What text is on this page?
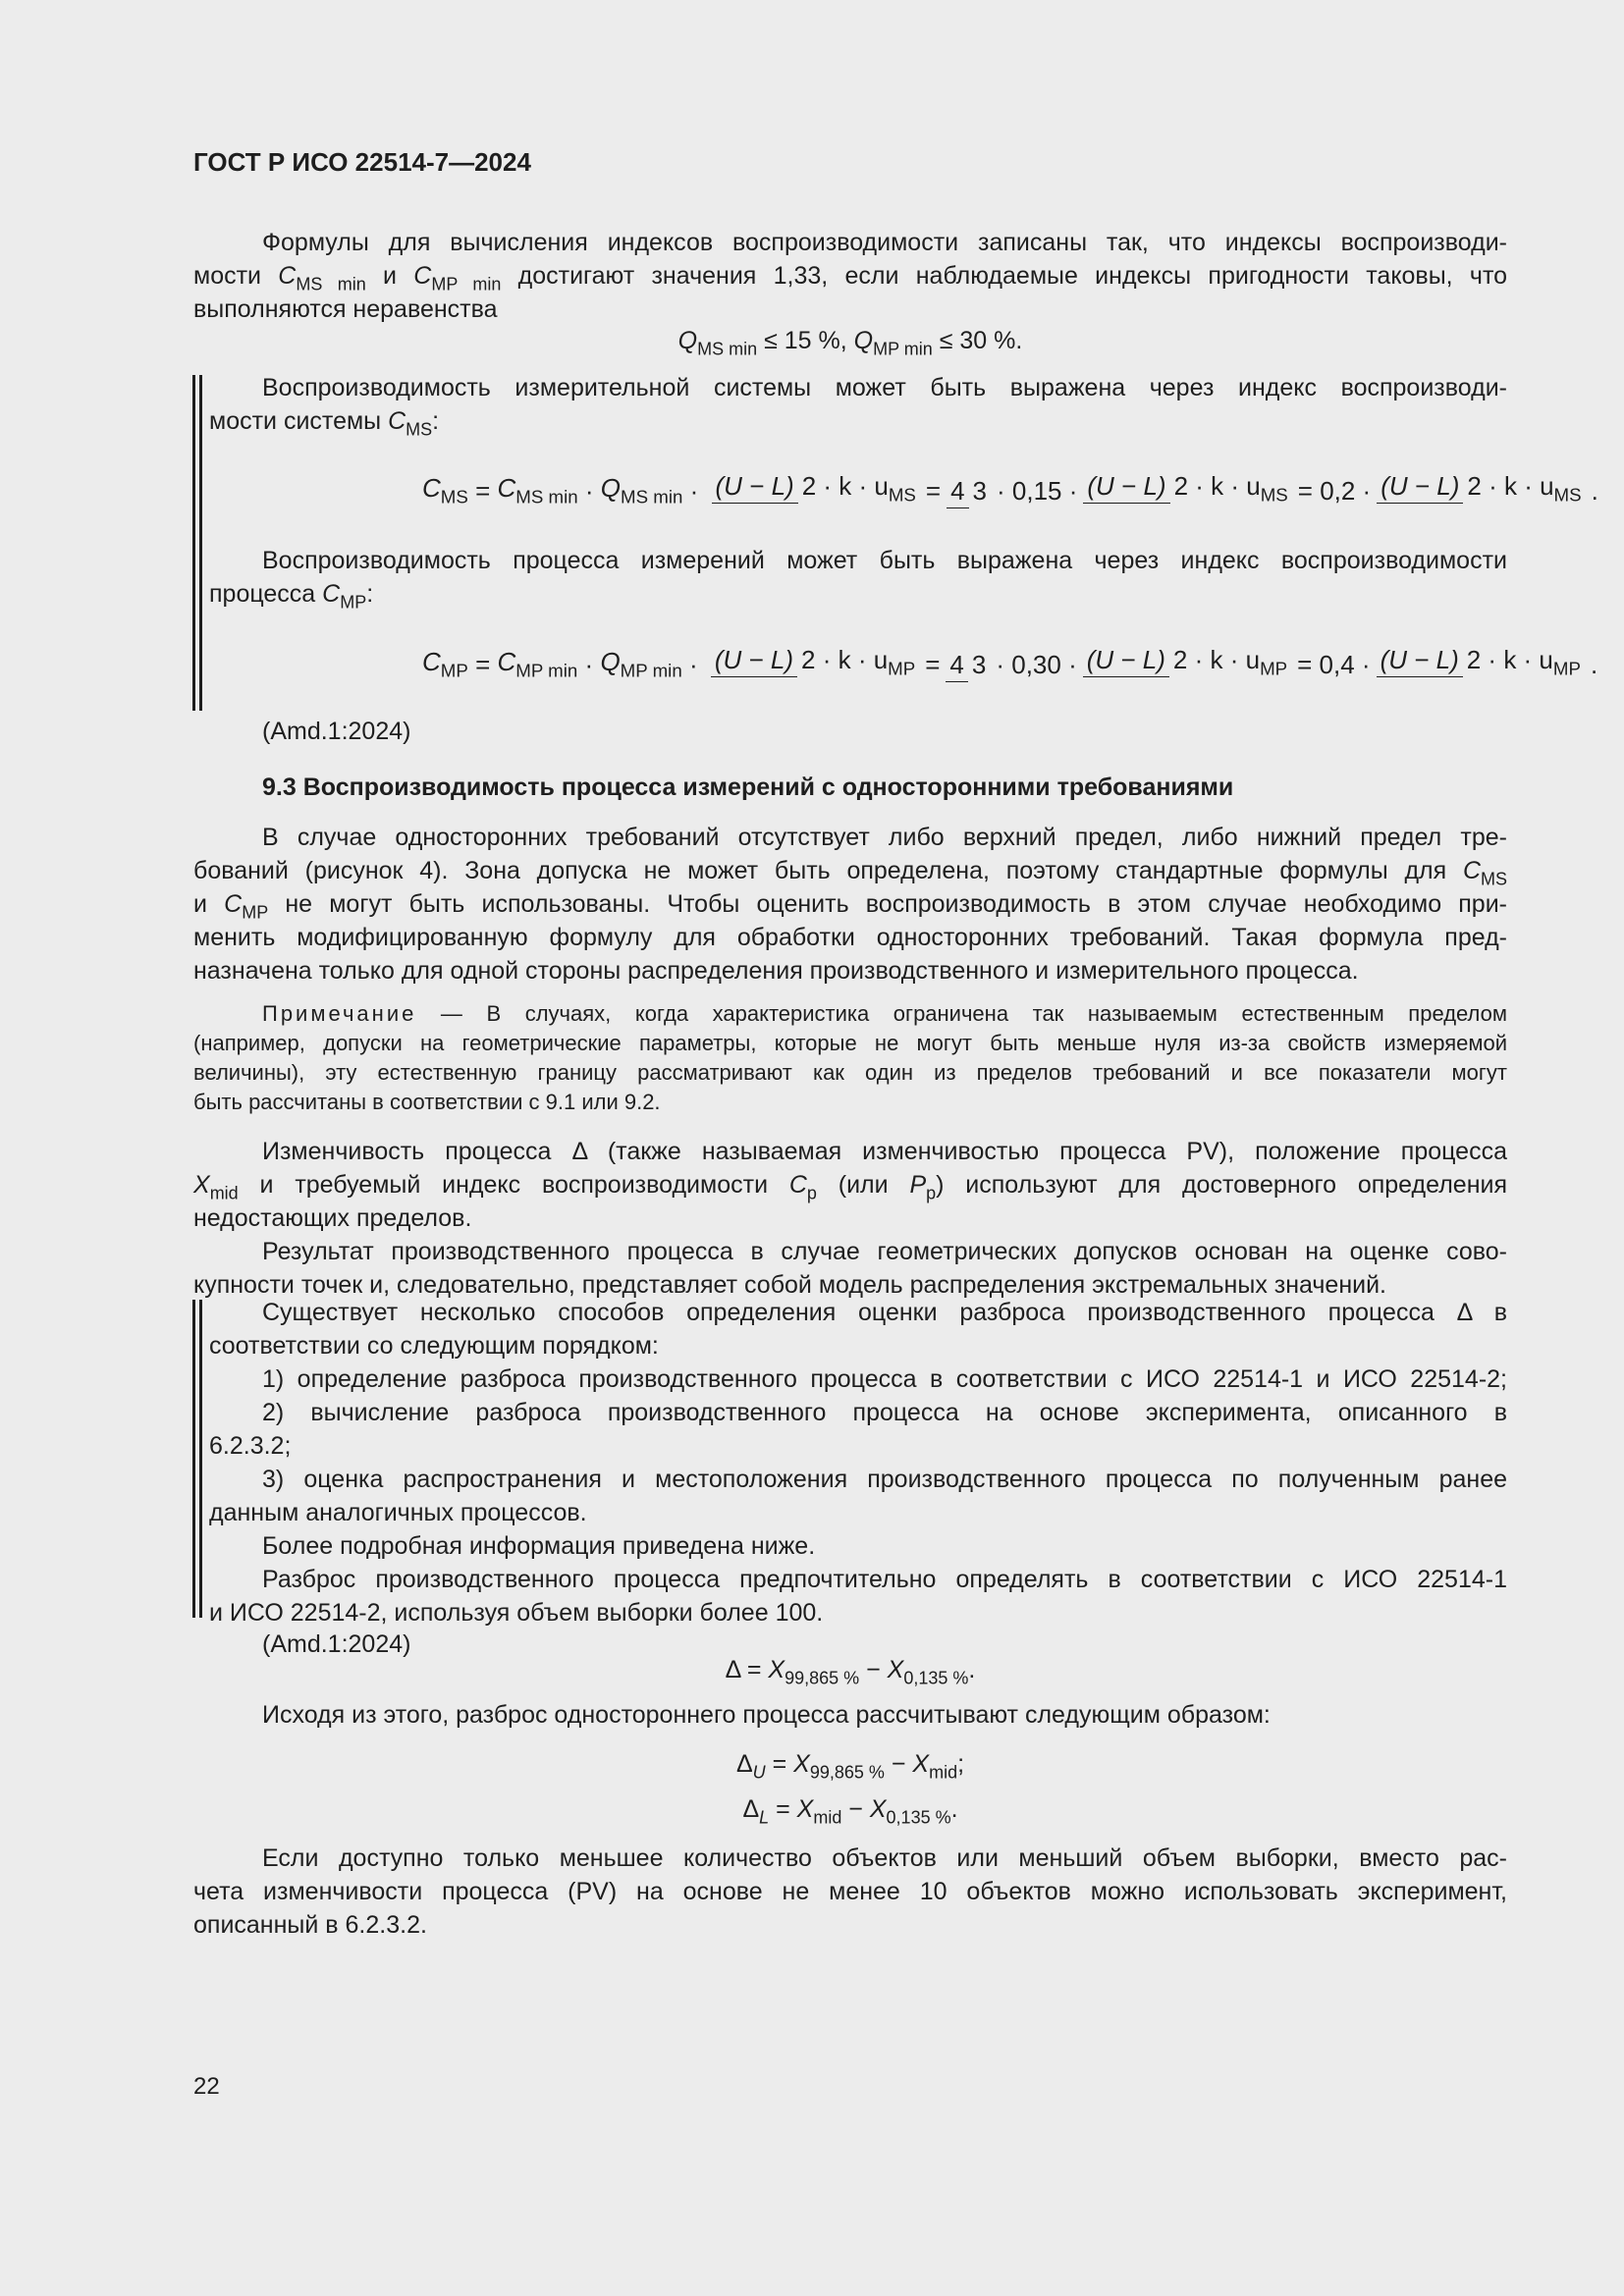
ГОСТ Р ИСО 22514-7—2024
Формулы для вычисления индексов воспроизводимости записаны так, что индексы воспроизводи-
мости $C_{MS min}$ и $C_{MP min}$ достигают значения 1,33, если наблюдаемые индексы пригодности таковы, что
выполняются неравенства
$Q_{MS min} \le 15$ %, $Q_{MP min} \le 30$ %.
Воспроизводимость измерительной системы может быть выражена через индекс воспроизводи-
мости системы $C_{MS}$:
$C_{MS} = C_{MS min} \cdot Q_{MS min} \cdot (U - L) 2 \cdot k \cdot u_{MS} = 4$ 3 · 0,15 · (U − L) $2 \cdot k \cdot u_{MS} = 0,2 \cdot (U - L) 2 \cdot k \cdot u_{MS}$ .
Воспроизводимость процесса измерений может быть выражена через индекс воспроизводимости
процесса $C_{MP}$:
$C_{MP} = C_{MP min} \cdot Q_{MP min} \cdot (U - L) 2 \cdot k \cdot u_{MP} = 4$ 3 · 0,30 · (U − L) $2 \cdot k \cdot u_{MP} = 0,4 \cdot (U - L) 2 \cdot k \cdot u_{MP}$ .
(Amd.1:2024)
9.3 Воспроизводимость процесса измерений с односторонними требованиями
В случае односторонних требований отсутствует либо верхний предел, либо нижний предел тре-
бований (рисунок 4). Зона допуска не может быть определена, поэтому стандартные формулы для $C_{MS}$
и $C_{MP}$ не могут быть использованы. Чтобы оценить воспроизводимость в этом случае необходимо при-
менить модифицированную формулу для обработки односторонних требований. Такая формула пред-
назначена только для одной стороны распределения производственного и измерительного процесса.
Примечание — В случаях, когда характеристика ограничена так называемым естественным пределом
(например, допуски на геометрические параметры, которые не могут быть меньше нуля из-за свойств измеряемой
величины), эту естественную границу рассматривают как один из пределов требований и все показатели могут
быть рассчитаны в соответствии с 9.1 или 9.2.
Изменчивость процесса Δ (также называемая изменчивостью процесса PV), положение процесса
$X_{mid}$ и требуемый индекс воспроизводимости $C_p$ (или $P_p$) используют для достоверного определения
недостающих пределов.
Результат производственного процесса в случае геометрических допусков основан на оценке сово-
купности точек и, следовательно, представляет собой модель распределения экстремальных значений.
Существует несколько способов определения оценки разброса производственного процесса Δ в
соответствии со следующим порядком:
1) определение разброса производственного процесса в соответствии с ИСО 22514-1 и ИСО 22514-2;
2) вычисление разброса производственного процесса на основе эксперимента, описанного в
6.2.3.2;
3) оценка распространения и местоположения производственного процесса по полученным ранее
данным аналогичных процессов.
Более подробная информация приведена ниже.
Разброс производственного процесса предпочтительно определять в соответствии с ИСО 22514-1
и ИСО 22514-2, используя объем выборки более 100.
(Amd.1:2024)
$\Delta = X_{99,865 \%} - X_{0,135 \%}$.
Исходя из этого, разброс одностороннего процесса рассчитывают следующим образом:
$\Delta_U = X_{99,865 \%} - X_{mid}$;
$\Delta_L = X_{mid} - X_{0,135 \%}$.
Если доступно только меньшее количество объектов или меньший объем выборки, вместо рас-
чета изменчивости процесса (PV) на основе не менее 10 объектов можно использовать эксперимент,
описанный в 6.2.3.2.
22
